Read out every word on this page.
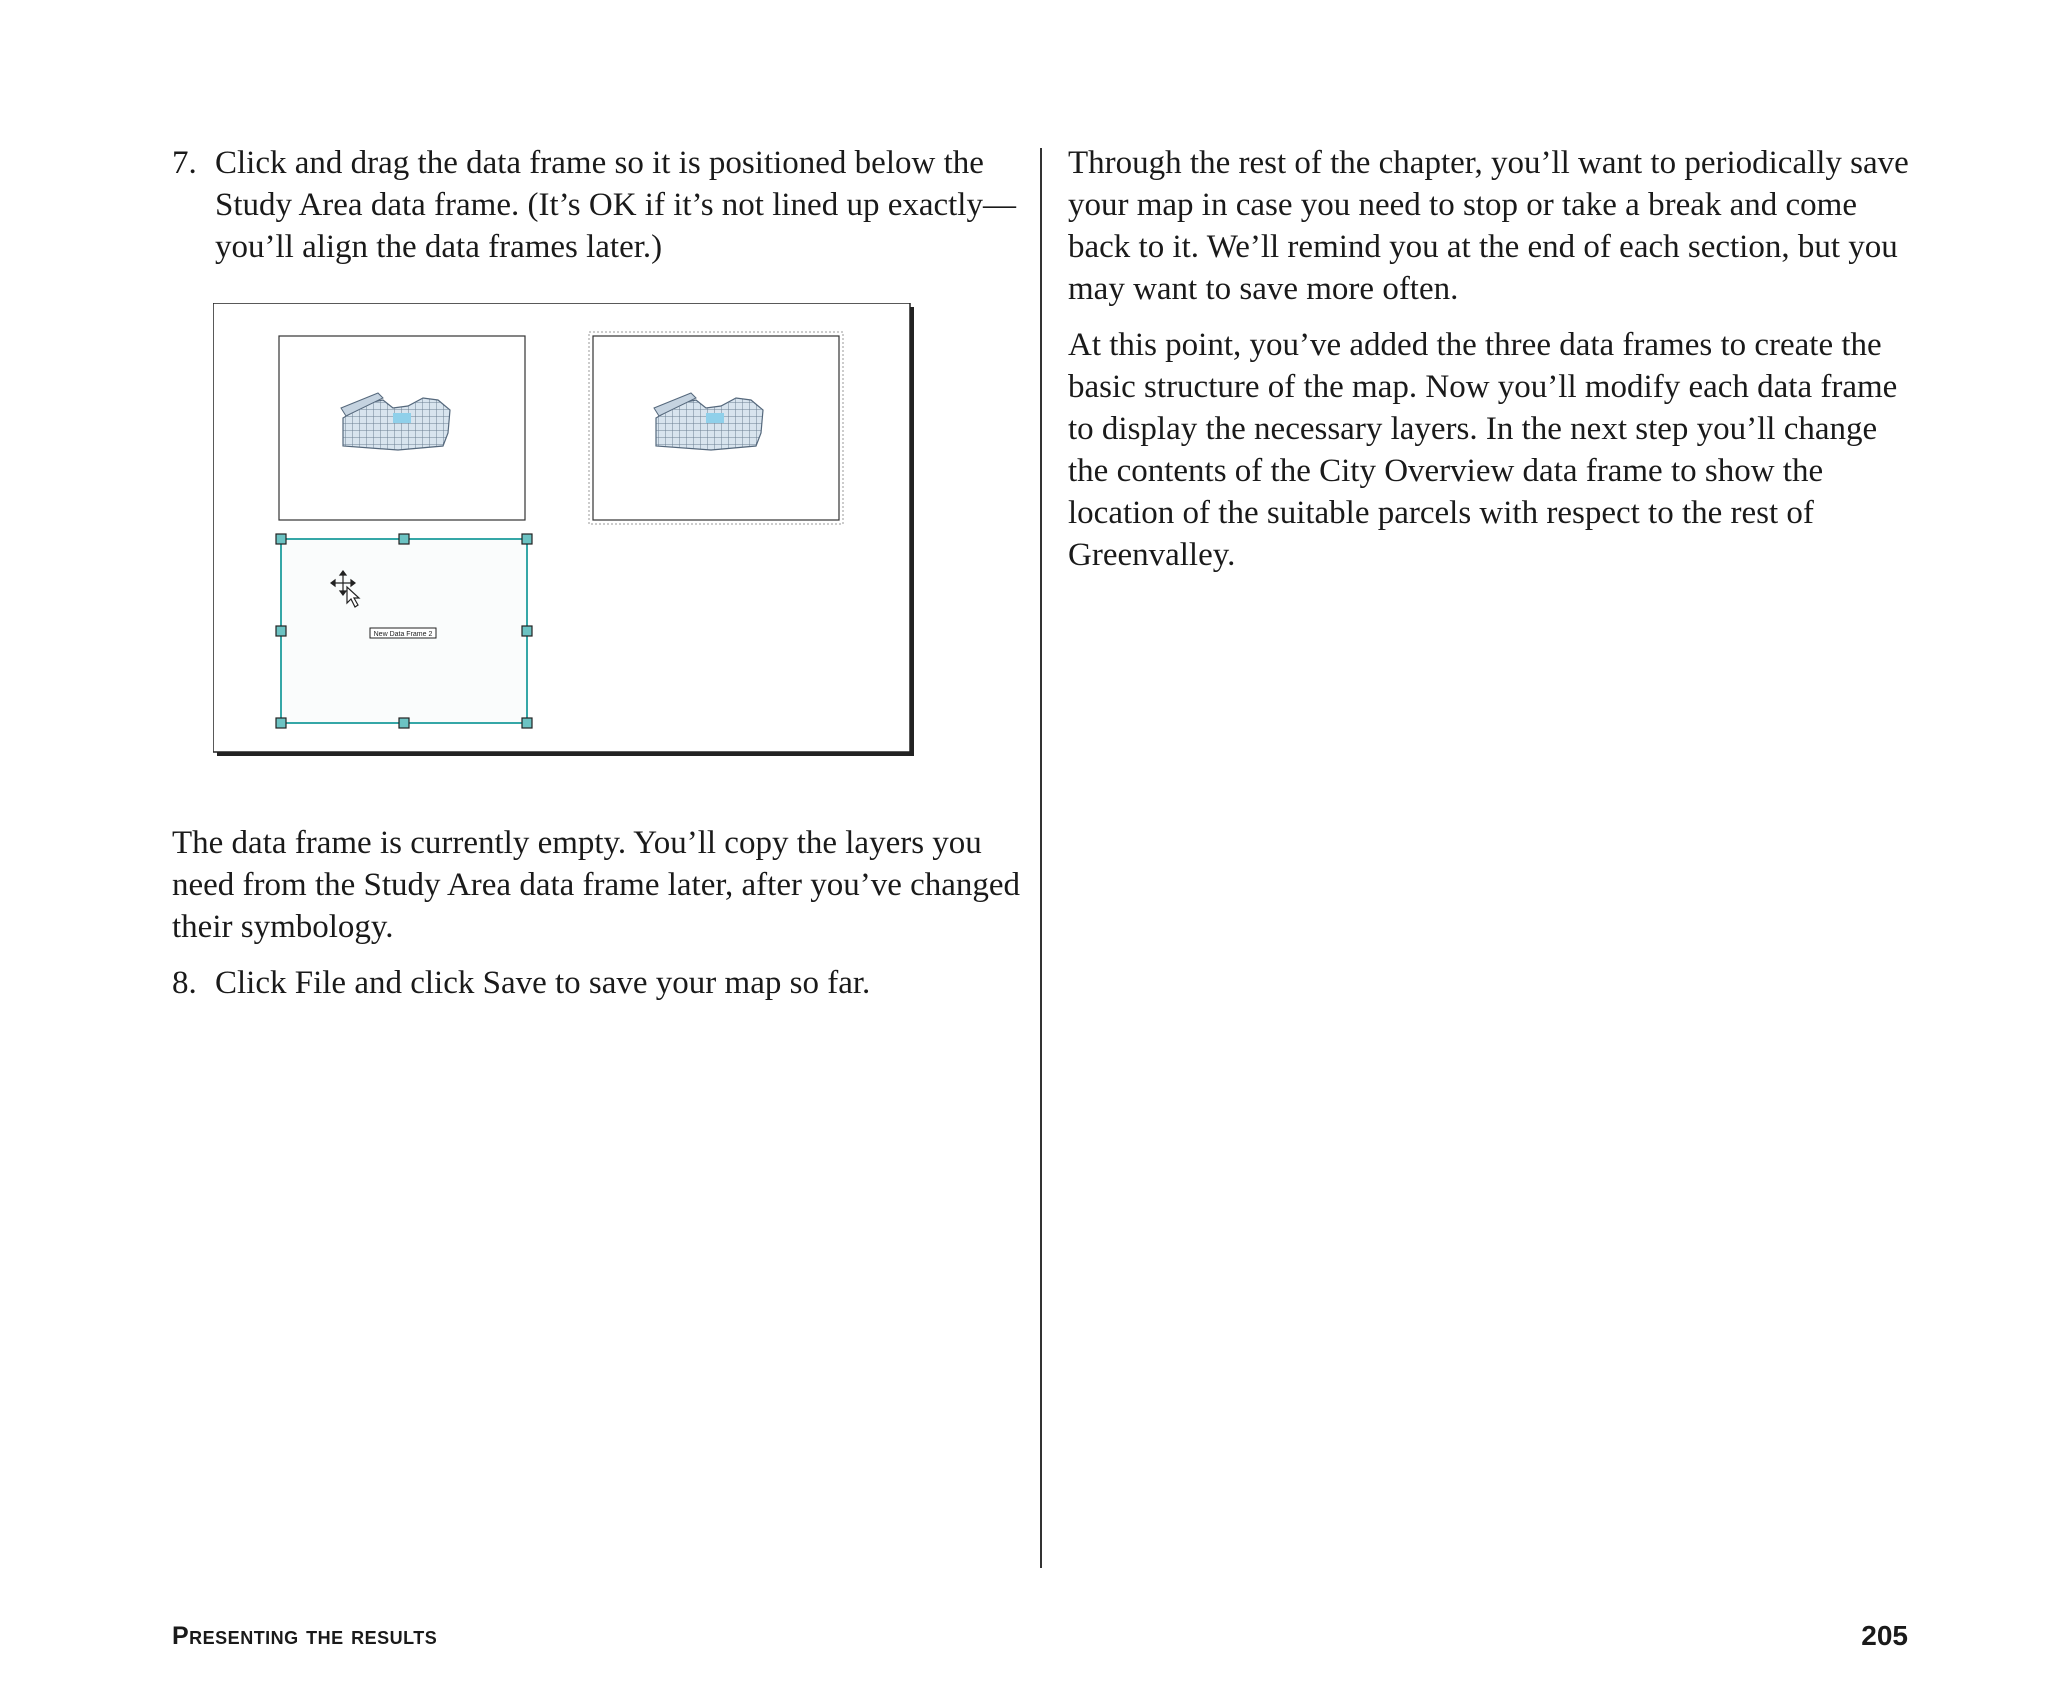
7. Click and drag the data frame so it is positioned below the Study Area data frame. (It’s OK if it’s not lined up exactly—you’ll align the data frames later.)
New Data Frame 2

The data frame is currently empty. You’ll copy the layers you need from the Study Area data frame later, after you’ve changed their symbology.

8. Click File and click Save to save your map so far.

Through the rest of the chapter, you’ll want to periodically save your map in case you need to stop or take a break and come back to it. We’ll remind you at the end of each section, but you may want to save more often.

At this point, you’ve added the three data frames to create the basic structure of the map. Now you’ll modify each data frame to display the necessary layers. In the next step you’ll change the contents of the City Overview data frame to show the location of the suitable parcels with respect to the rest of Greenvalley.

Presenting the results	205
